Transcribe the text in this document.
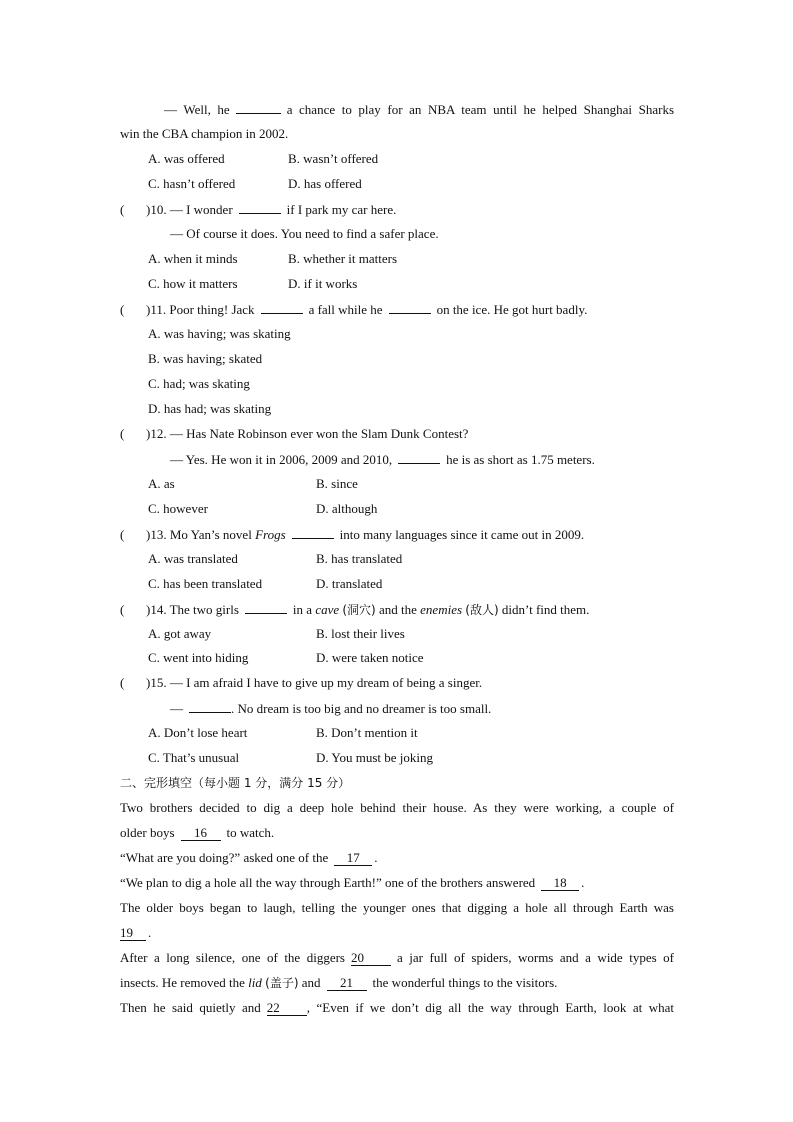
— Well, he	a chance to play for an NBA team until he helped Shanghai Sharks
win the CBA champion in 2002.
A. was offered	B. wasn’t offered
C. hasn’t offered	D. has offered
( )10. — I wonder	if I park my car here.
— Of course it does. You need to find a safer place.
A. when it minds	B. whether it matters
C. how it matters	D. if it works
( )11. Poor thing! Jack	a fall while he	on the ice. He got hurt badly.
A. was having; was skating
B. was having; skated
C. had; was skating
D. has had; was skating
( )12. — Has Nate Robinson ever won the Slam Dunk Contest?
— Yes. He won it in 2006, 2009 and 2010,	he is as short as 1.75 meters.
A. as	B. since
C. however	D. although
( )13. Mo Yan’s novel Frogs	into many languages since it came out in 2009.
A. was translated	B. has translated
C. has been translated	D. translated
( )14. The two girls	in a cave (洞穴) and the enemies (敌人) didn’t find them.
A. got away	B. lost their lives
C. went into hiding	D. were taken notice
( )15. — I am afraid I have to give up my dream of being a singer.
—	. No dream is too big and no dreamer is too small.
A. Don’t lose heart	B. Don’t mention it
C. That’s unusual	D. You must be joking
二、完形填空（每小题 1 分，满分 15 分）
Two brothers decided to dig a deep hole behind their house. As they were working, a couple of
older boys 16 to watch.
“What are you doing?” asked one of the 17 .
“We plan to dig a hole all the way through Earth!” one of the brothers answered 18 .
The older boys began to laugh, telling the younger ones that digging a hole all through Earth was
19 .
After a long silence, one of the diggers 20	a jar full of spiders, worms and a wide types of
insects. He removed the lid (盖子) and 21 the wonderful things to the visitors.
Then he said quietly and 22 , “Even if we don’t dig all the way through Earth, look at what
